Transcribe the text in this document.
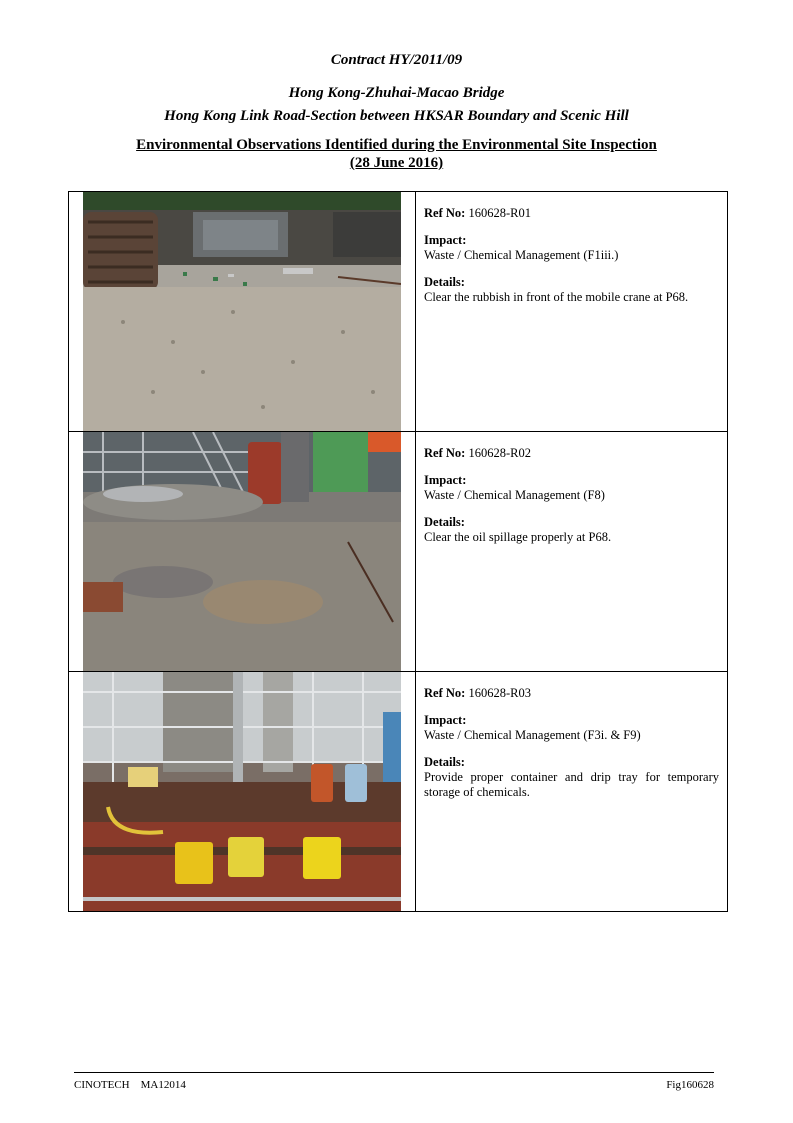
Contract HY/2011/09
Hong Kong-Zhuhai-Macao Bridge
Hong Kong Link Road-Section between HKSAR Boundary and Scenic Hill
Environmental Observations Identified during the Environmental Site Inspection
(28 June 2016)

Ref No: 160628-R01
Impact:
Waste / Chemical Management (F1iii.)
Details:
Clear the rubbish in front of the mobile crane at P68.

Ref No: 160628-R02
Impact:
Waste / Chemical Management (F8)
Details:
Clear the oil spillage properly at P68.

Ref No: 160628-R03
Impact:
Waste / Chemical Management (F3i. & F9)
Details:
Provide proper container and drip tray for temporary storage of chemicals.
CINOTECH    MA12014	Fig160628
